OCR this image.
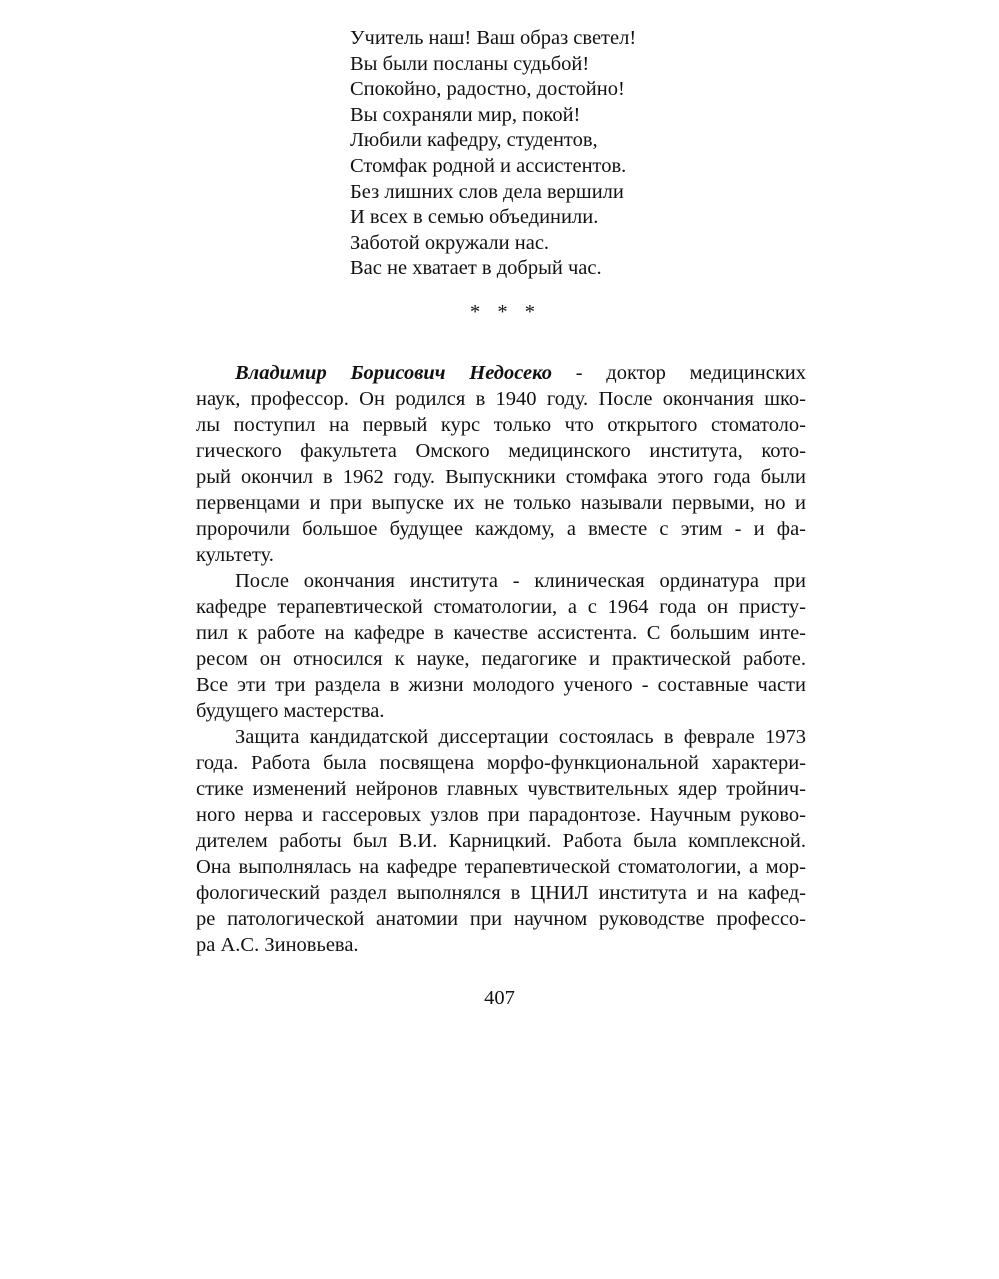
Учитель наш! Ваш образ светел!
Вы были посланы судьбой!
Спокойно, радостно, достойно!
Вы сохраняли мир, покой!
Любили кафедру, студентов,
Стомфак родной и ассистентов.
Без лишних слов дела вершили
И всех в семью объединили.
Заботой окружали нас.
Вас не хватает в добрый час.
* * *
Владимир Борисович Недосеко - доктор медицинских
наук, профессор. Он родился в 1940 году. После окончания шко-
лы поступил на первый курс только что открытого стоматоло-
гического факультета Омского медицинского института, кото-
рый окончил в 1962 году. Выпускники стомфака этого года были
первенцами и при выпуске их не только называли первыми, но и
пророчили большое будущее каждому, а вместе с этим - и фа-
культету.
После окончания института - клиническая ординатура при
кафедре терапевтической стоматологии, а с 1964 года он присту-
пил к работе на кафедре в качестве ассистента. С большим инте-
ресом он относился к науке, педагогике и практической работе.
Все эти три раздела в жизни молодого ученого - составные части
будущего мастерства.
Защита кандидатской диссертации состоялась в феврале 1973
года. Работа была посвящена морфо-функциональной характери-
стике изменений нейронов главных чувствительных ядер тройнич-
ного нерва и гассеровых узлов при парадонтозе. Научным руково-
дителем работы был В.И. Карницкий. Работа была комплексной.
Она выполнялась на кафедре терапевтической стоматологии, а мор-
фологический раздел выполнялся в ЦНИЛ института и на кафед-
ре патологической анатомии при научном руководстве профессо-
ра А.С. Зиновьева.
407
